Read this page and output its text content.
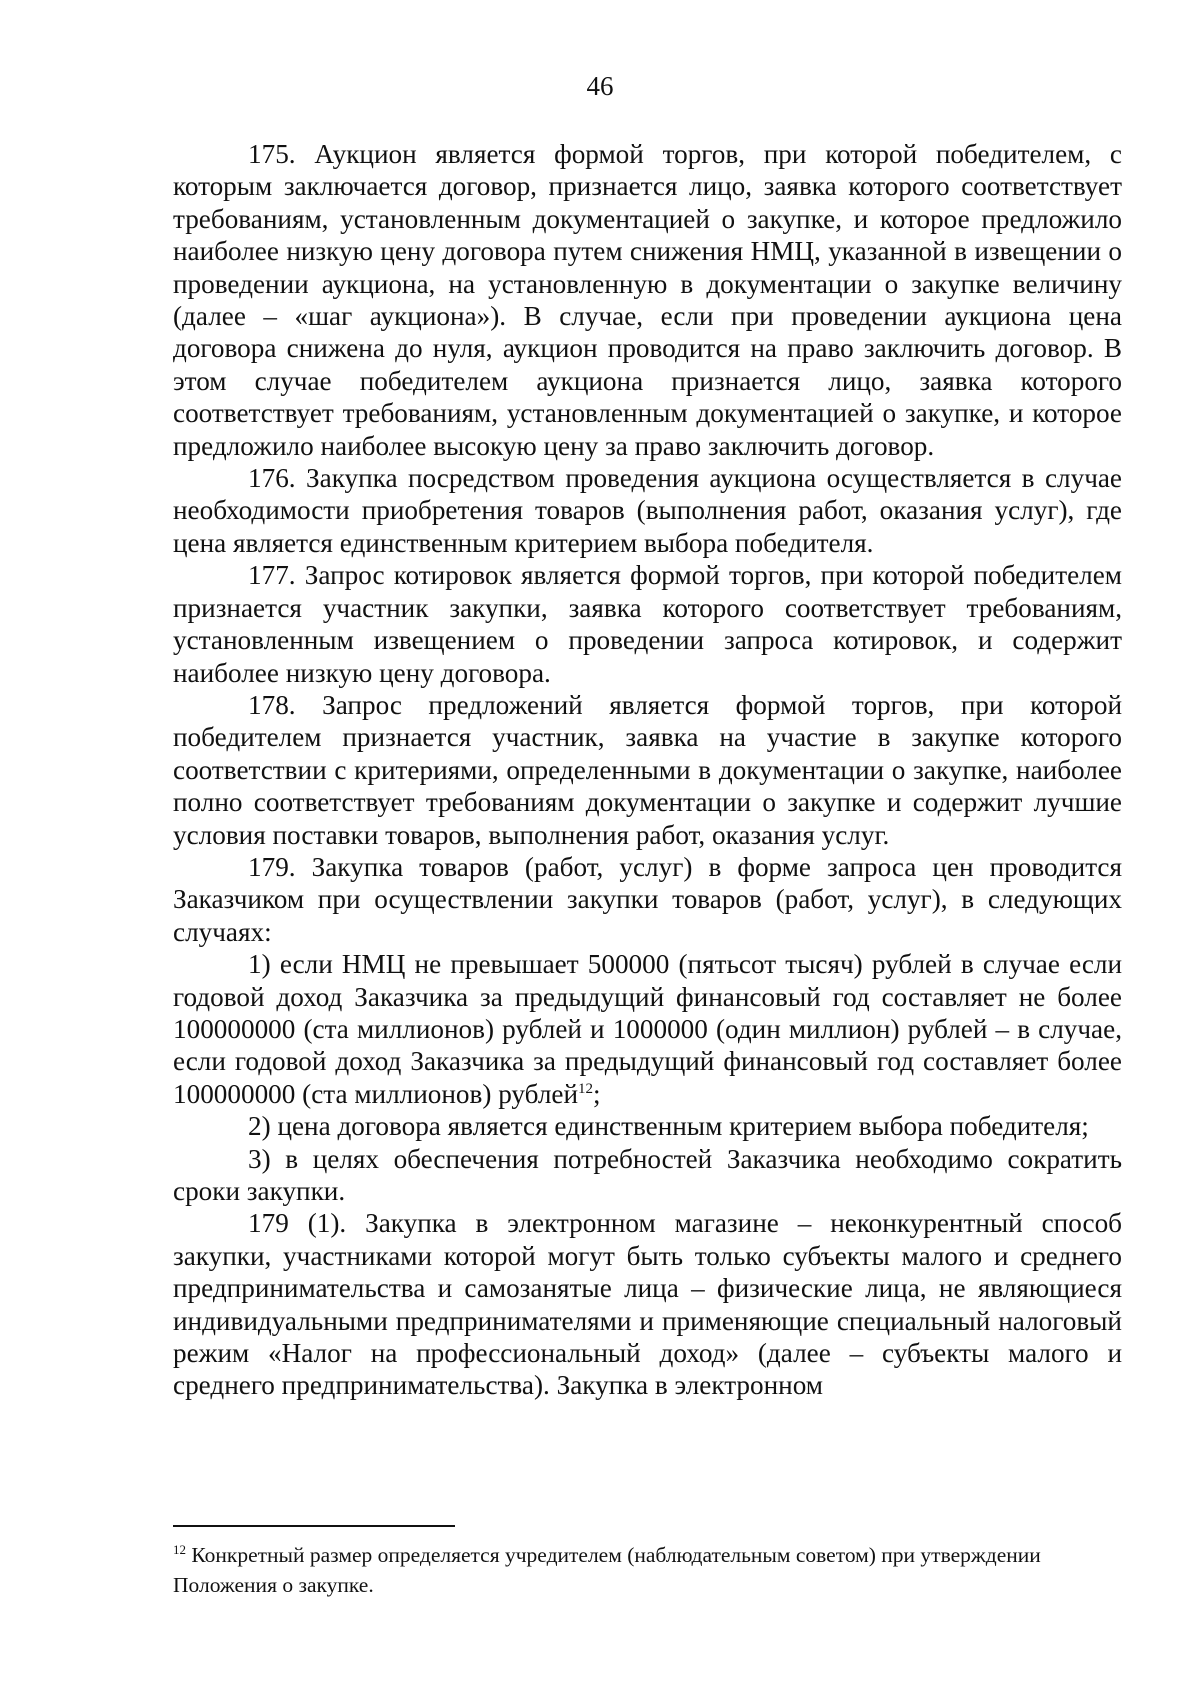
46

175. Аукцион является формой торгов, при которой победителем, с которым заключается договор, признается лицо, заявка которого соответствует требованиям, установленным документацией о закупке, и которое предложило наиболее низкую цену договора путем снижения НМЦ, указанной в извещении о проведении аукциона, на установленную в документации о закупке величину (далее – «шаг аукциона»). В случае, если при проведении аукциона цена договора снижена до нуля, аукцион проводится на право заключить договор. В этом случае победителем аукциона признается лицо, заявка которого соответствует требованиям, установленным документацией о закупке, и которое предложило наиболее высокую цену за право заключить договор.

176. Закупка посредством проведения аукциона осуществляется в случае необходимости приобретения товаров (выполнения работ, оказания услуг), где цена является единственным критерием выбора победителя.

177. Запрос котировок является формой торгов, при которой победителем признается участник закупки, заявка которого соответствует требованиям, установленным извещением о проведении запроса котировок, и содержит наиболее низкую цену договора.

178. Запрос предложений является формой торгов, при которой победителем признается участник, заявка на участие в закупке которого соответствии с критериями, определенными в документации о закупке, наиболее полно соответствует требованиям документации о закупке и содержит лучшие условия поставки товаров, выполнения работ, оказания услуг.

179. Закупка товаров (работ, услуг) в форме запроса цен проводится Заказчиком при осуществлении закупки товаров (работ, услуг), в следующих случаях:

1) если НМЦ не превышает 500000 (пятьсот тысяч) рублей в случае если годовой доход Заказчика за предыдущий финансовый год составляет не более 100000000 (ста миллионов) рублей и 1000000 (один миллион) рублей – в случае, если годовой доход Заказчика за предыдущий финансовый год составляет более 100000000 (ста миллионов) рублей$^{12}$;

2) цена договора является единственным критерием выбора победителя;

3) в целях обеспечения потребностей Заказчика необходимо сократить сроки закупки.

179 (1). Закупка в электронном магазине – неконкурентный способ закупки, участниками которой могут быть только субъекты малого и среднего предпринимательства и самозанятые лица – физические лица, не являющиеся индивидуальными предпринимателями и применяющие специальный налоговый режим «Налог на профессиональный доход» (далее – субъекты малого и среднего предпринимательства). Закупка в электронном

$^{12}$ Конкретный размер определяется учредителем (наблюдательным советом) при утверждении Положения о закупке.
